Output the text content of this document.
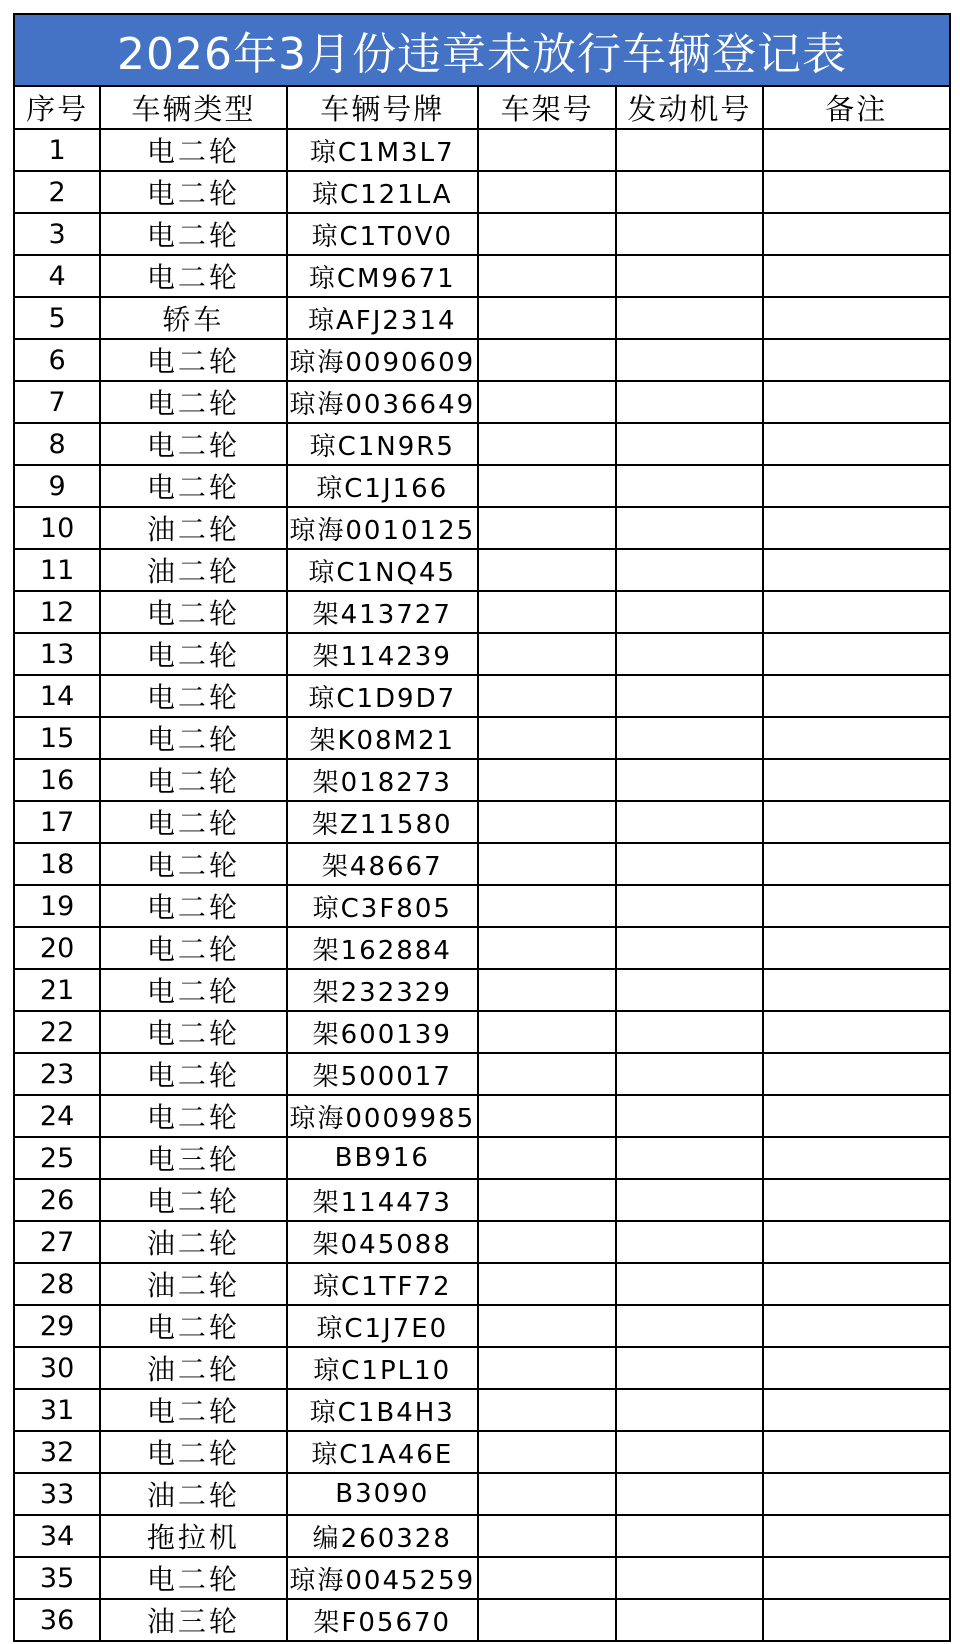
2026年3月份违章未放行车辆登记表
序号	车辆类型	车辆号牌	车架号	发动机号	备注
1	电二轮	琼C1M3L7			
2	电二轮	琼C121LA			
3	电二轮	琼C1T0V0			
4	电二轮	琼CM9671			
5	轿车	琼AFJ2314			
6	电二轮	琼海0090609			
7	电二轮	琼海0036649			
8	电二轮	琼C1N9R5			
9	电二轮	琼C1J166			
10	油二轮	琼海0010125			
11	油二轮	琼C1NQ45			
12	电二轮	架413727			
13	电二轮	架114239			
14	电二轮	琼C1D9D7			
15	电二轮	架K08M21			
16	电二轮	架018273			
17	电二轮	架Z11580			
18	电二轮	架48667			
19	电二轮	琼C3F805			
20	电二轮	架162884			
21	电二轮	架232329			
22	电二轮	架600139			
23	电二轮	架500017			
24	电二轮	琼海0009985			
25	电三轮	BB916			
26	电二轮	架114473			
27	油二轮	架045088			
28	油二轮	琼C1TF72			
29	电二轮	琼C1J7E0			
30	油二轮	琼C1PL10			
31	电二轮	琼C1B4H3			
32	电二轮	琼C1A46E			
33	油二轮	B3090			
34	拖拉机	编260328			
35	电二轮	琼海0045259			
36	油三轮	架F05670			
